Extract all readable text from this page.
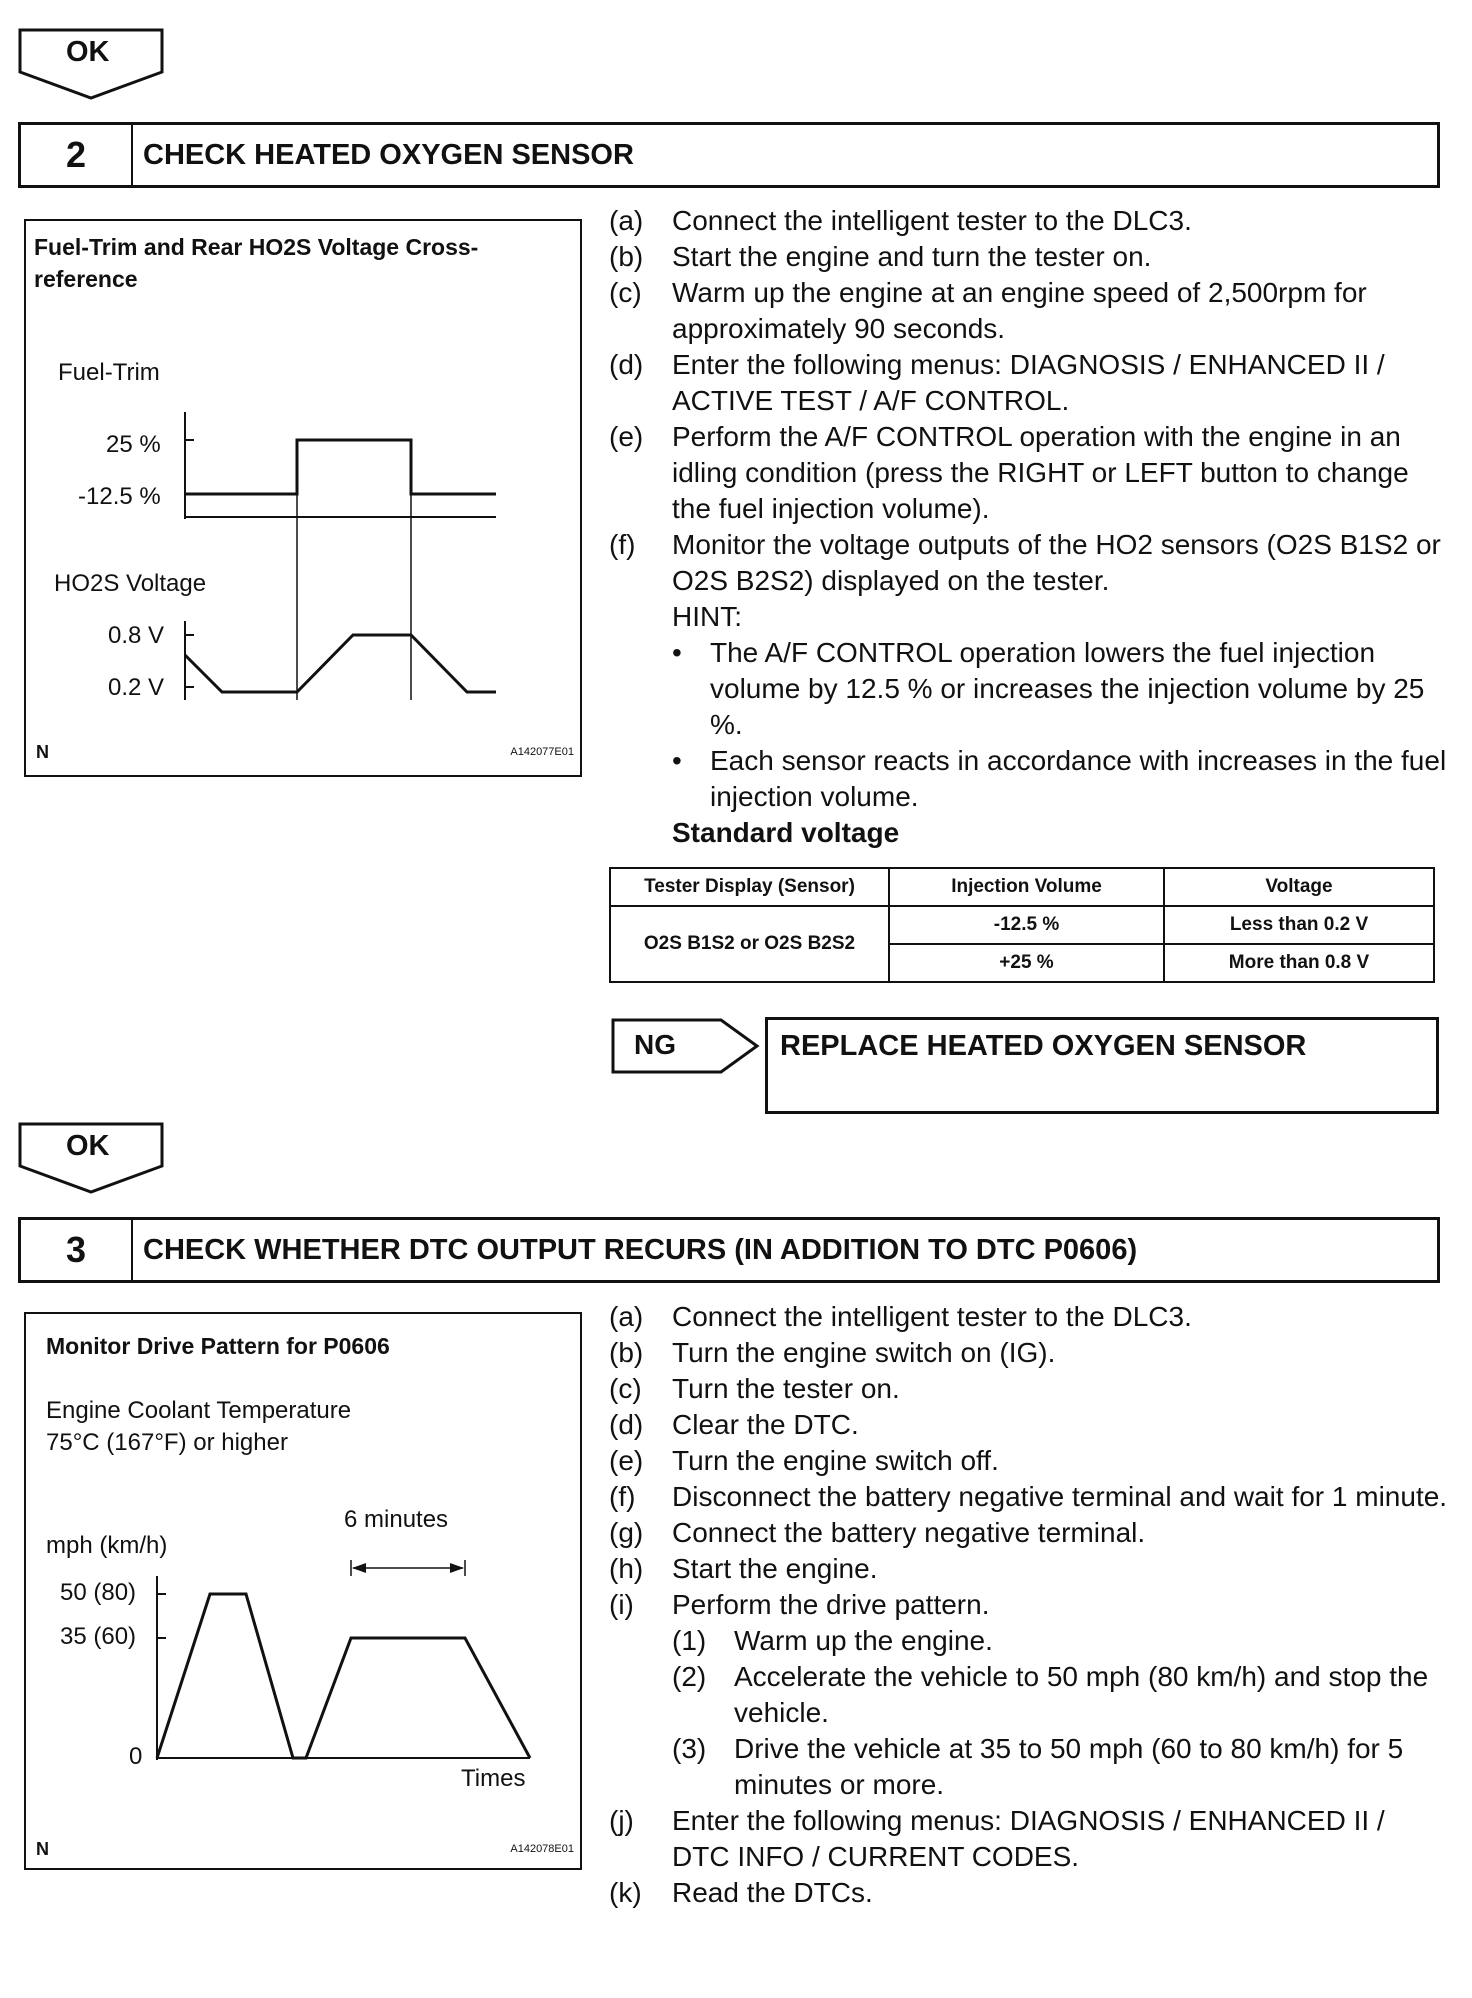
OK
2	CHECK HEATED OXYGEN SENSOR
Fuel-Trim and Rear HO2S Voltage Cross-reference
Fuel-Trim
25 %
-12.5 %
HO2S Voltage
0.8 V
0.2 V
N	A142077E01
(a) Connect the intelligent tester to the DLC3.
(b) Start the engine and turn the tester on.
(c) Warm up the engine at an engine speed of 2,500rpm for approximately 90 seconds.
(d) Enter the following menus: DIAGNOSIS / ENHANCED II / ACTIVE TEST / A/F CONTROL.
(e) Perform the A/F CONTROL operation with the engine in an idling condition (press the RIGHT or LEFT button to change the fuel injection volume).
(f) Monitor the voltage outputs of the HO2 sensors (O2S B1S2 or O2S B2S2) displayed on the tester.
HINT:
• The A/F CONTROL operation lowers the fuel injection volume by 12.5 % or increases the injection volume by 25 %.
• Each sensor reacts in accordance with increases in the fuel injection volume.
Standard voltage
Tester Display (Sensor)	Injection Volume	Voltage
O2S B1S2 or O2S B2S2	-12.5 %	Less than 0.2 V
	+25 %	More than 0.8 V
NG	REPLACE HEATED OXYGEN SENSOR
OK
3	CHECK WHETHER DTC OUTPUT RECURS (IN ADDITION TO DTC P0606)
Monitor Drive Pattern for P0606
Engine Coolant Temperature
75°C (167°F) or higher
6 minutes
mph (km/h)
50 (80)
35 (60)
0
Times
N	A142078E01
(a) Connect the intelligent tester to the DLC3.
(b) Turn the engine switch on (IG).
(c) Turn the tester on.
(d) Clear the DTC.
(e) Turn the engine switch off.
(f) Disconnect the battery negative terminal and wait for 1 minute.
(g) Connect the battery negative terminal.
(h) Start the engine.
(i) Perform the drive pattern.
(1) Warm up the engine.
(2) Accelerate the vehicle to 50 mph (80 km/h) and stop the vehicle.
(3) Drive the vehicle at 35 to 50 mph (60 to 80 km/h) for 5 minutes or more.
(j) Enter the following menus: DIAGNOSIS / ENHANCED II / DTC INFO / CURRENT CODES.
(k) Read the DTCs.
